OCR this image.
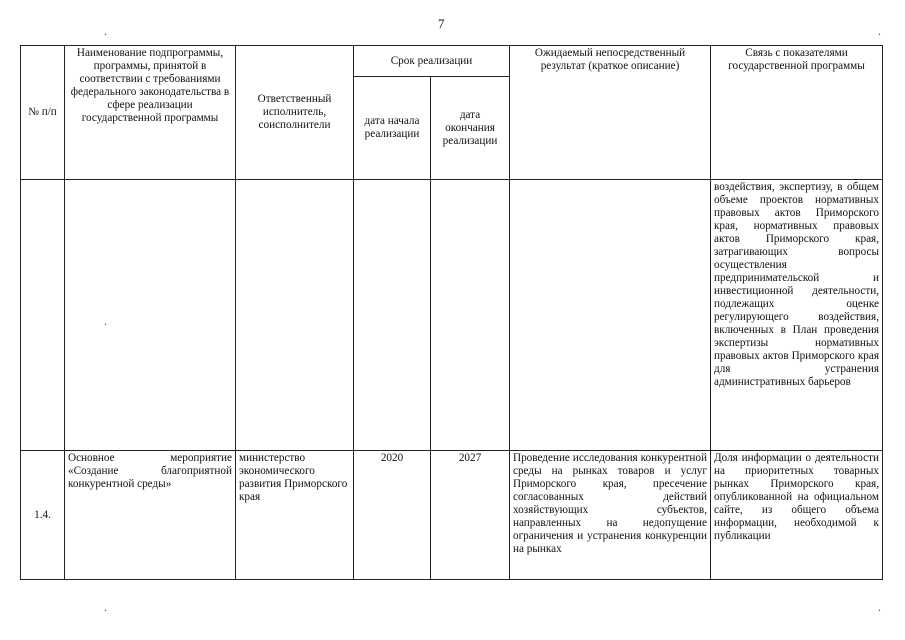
7
.
.
.	.
.
№ п/п	Наименование подпрограммы, программы, принятой в соответствии с требованиями федерального законодательства в сфере реализации государственной программы	Ответственный исполнитель, соисполнители	Срок реализации		Ожидаемый непосредственный результат (краткое описание)	Связь с показателями государственной программы
			дата начала реализации	дата окончания реализации		
						воздействия, экспертизу, в общем объеме проектов нормативных правовых актов Приморского края, нормативных правовых актов Приморского края, затрагивающих вопросы осуществления предпринимательской и инвестиционной деятельности, подлежащих оценке регулирующего воздействия, включенных в План проведения экспертизы нормативных правовых актов Приморского края для устранения административных барьеров
1.4.	Основное мероприятие «Создание благоприятной конкурентной среды»	министерство экономического развития Приморского края	2020	2027	Проведение исследования конкурентной среды на рынках товаров и услуг Приморского края, пресечение согласованных действий хозяйствующих субъектов, направленных на недопущение ограничения и устранения конкуренции на рынках	Доля информации о деятельности на приоритетных товарных рынках Приморского края, опубликованной на официальном сайте, из общего объема информации, необходимой к публикации
